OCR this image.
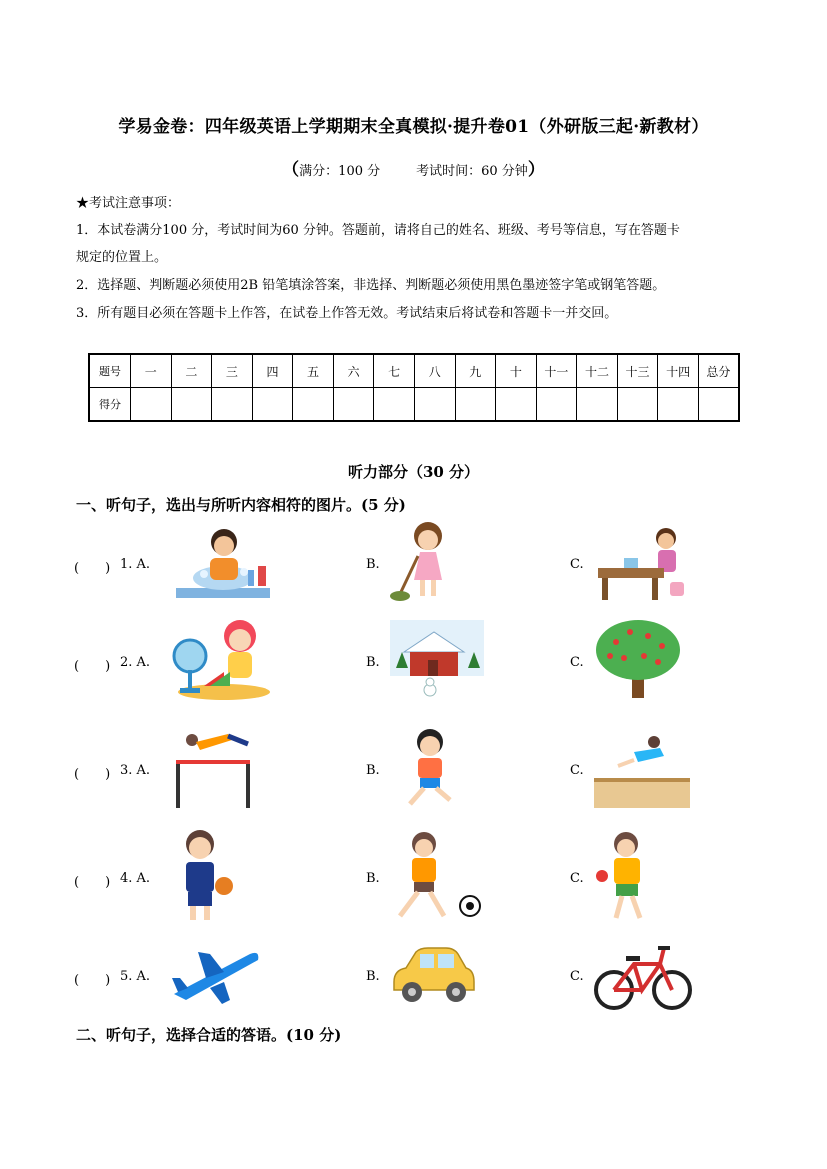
学易金卷：四年级英语上学期期末全真模拟·提升卷01（外研版三起·新教材）
（满分：100 分	考试时间：60 分钟）
★考试注意事项：
1．本试卷满分100 分，考试时间为60 分钟。答题前，请将自己的姓名、班级、考号等信息，写在答题卡
规定的位置上。
2．选择题、判断题必须使用2B 铅笔填涂答案，非选择、判断题必须使用黑色墨迹签字笔或钢笔答题。
3．所有题目必须在答题卡上作答，在试卷上作答无效。考试结束后将试卷和答题卡一并交回。
题号	一	二	三	四	五	六	七	八	九	十	十一	十二	十三	十四	总分
得分															
听力部分（30 分）
一、听句子，选出与所听内容相符的图片。(5 分)
(　　) 1. A.	B.	C.
(　　) 2. A.	B.	C.
(　　) 3. A.	B.	C.
(　　) 4. A.	B.	C.
(　　) 5. A.	B.	C.
二、听句子，选择合适的答语。(10 分)
